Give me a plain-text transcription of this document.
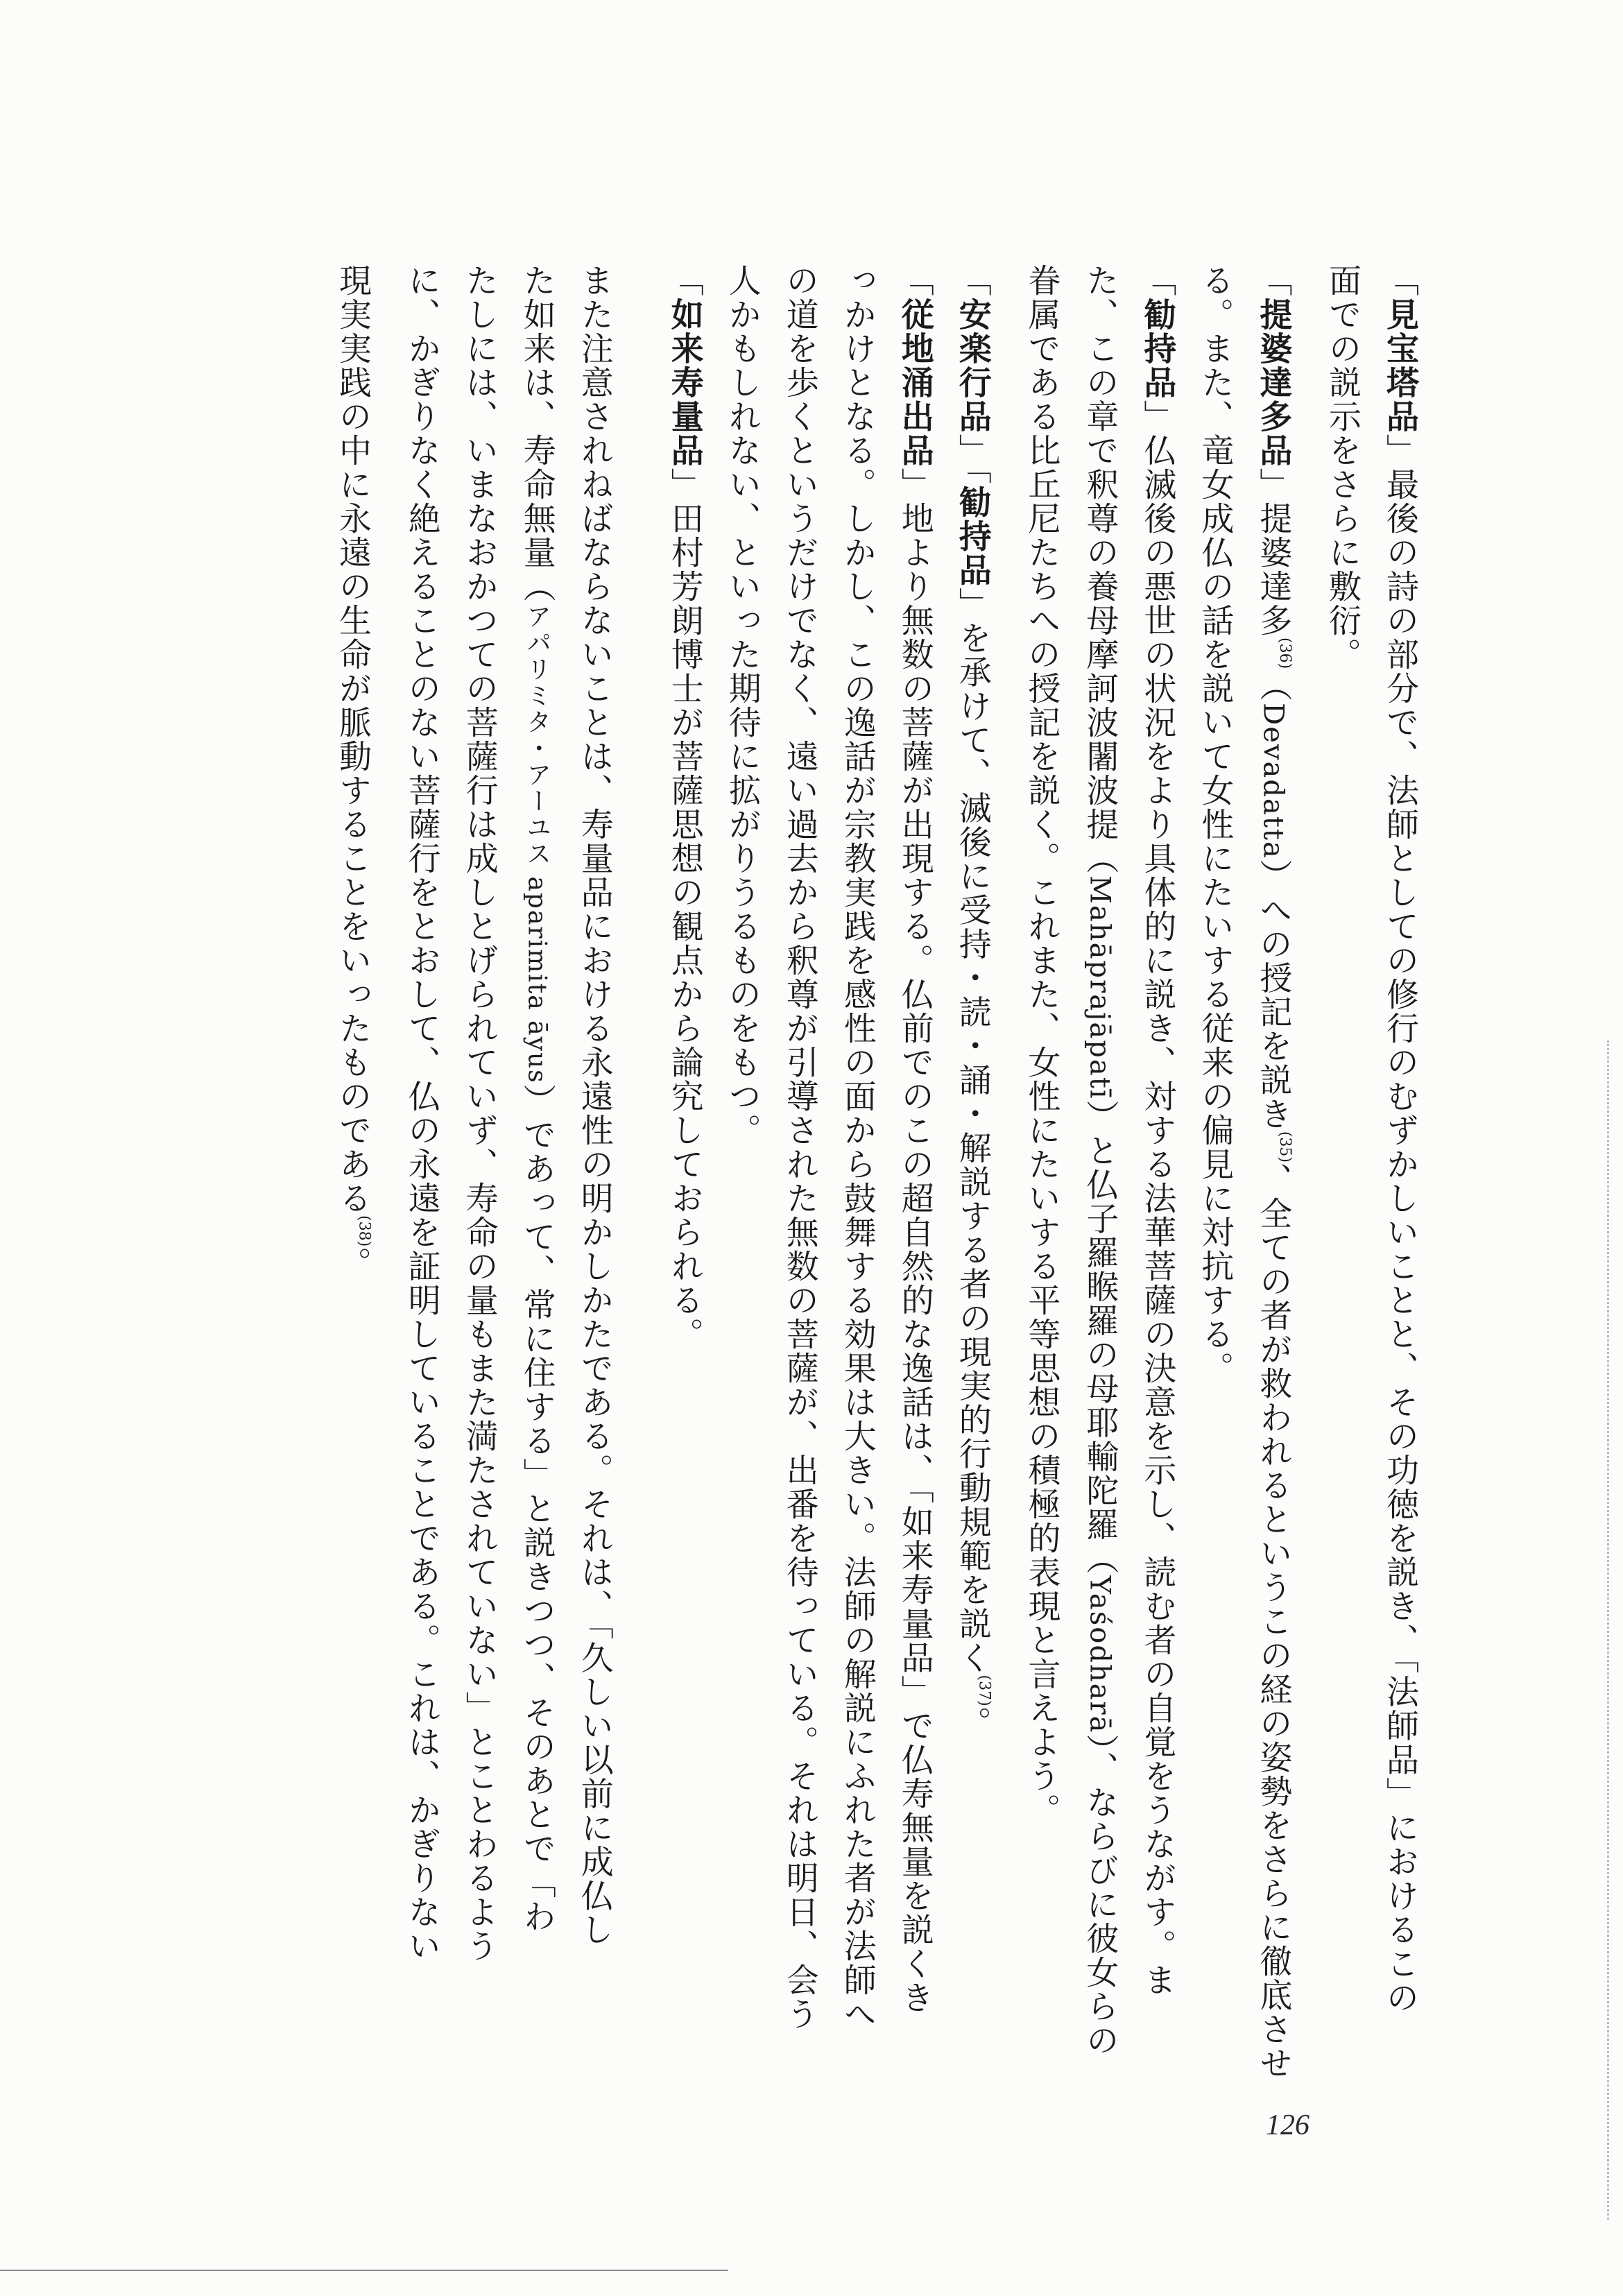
「見宝塔品」最後の詩の部分で、法師としての修行のむずかしいことと、その功徳を説き、「法師品」におけるこの
面での説示をさらに敷衍。
「提婆達多品」提婆達多$^{(36)}$（Devadatta）への授記を説き$^{(35)}$、全ての者が救われるというこの経の姿勢をさらに徹底させ
る。また、竜女成仏の話を説いて女性にたいする従来の偏見に対抗する。
「勧持品」仏滅後の悪世の状況をより具体的に説き、対する法華菩薩の決意を示し、読む者の自覚をうながす。ま
た、この章で釈尊の養母摩訶波闍波提（Mahāprajāpatī）と仏子羅睺羅の母耶輸陀羅（Yaśodharā）、ならびに彼女らの
眷属である比丘尼たちへの授記を説く。これまた、女性にたいする平等思想の積極的表現と言えよう。
「安楽行品」「勧持品」を承けて、滅後に受持・読・誦・解説する者の現実的行動規範を説く$^{(37)}$。
「従地涌出品」地より無数の菩薩が出現する。仏前でのこの超自然的な逸話は、「如来寿量品」で仏寿無量を説くき
っかけとなる。しかし、この逸話が宗教実践を感性の面から鼓舞する効果は大きい。法師の解説にふれた者が法師へ
の道を歩くというだけでなく、遠い過去から釈尊が引導された無数の菩薩が、出番を待っている。それは明日、会う
人かもしれない、といった期待に拡がりうるものをもつ。
「如来寿量品」田村芳朗博士が菩薩思想の観点から論究しておられる。
また注意されねばならないことは、寿量品における永遠性の明かしかたである。それは、「久しい以前に成仏し
た如来は、寿命無量（アパリミタ・アーユス aparimita āyus）であって、常に住する」と説きつつ、そのあとで「わ
たしには、いまなおかつての菩薩行は成しとげられていず、寿命の量もまた満たされていない」とことわるよう
に、かぎりなく絶えることのない菩薩行をとおして、仏の永遠を証明していることである。これは、かぎりない
現実実践の中に永遠の生命が脈動することをいったものである$^{(38)}$。

126
